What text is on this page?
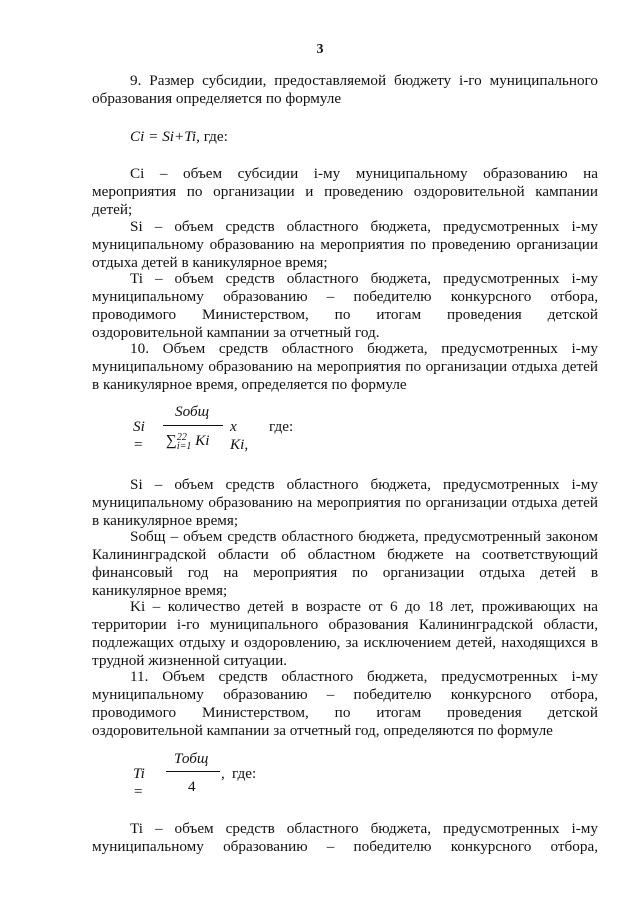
3

9. Размер субсидии, предоставляемой бюджету i-го муниципального

образования определяется по формуле

Ci = Si+Ti, где:

Ci – объем субсидии i-му муниципальному образованию на

мероприятия по организации и проведению оздоровительной кампании

детей;

Si – объем средств областного бюджета, предусмотренных i-му

муниципальному образованию на мероприятия по проведению организации

отдыха детей в каникулярное время;

Ti – объем средств областного бюджета, предусмотренных i-му

муниципальному образованию – победителю конкурсного отбора,

проводимого Министерством, по итогам проведения детской

оздоровительной кампании за отчетный год.

10. Объем средств областного бюджета, предусмотренных i-му

муниципальному образованию на мероприятия по организации отдыха детей

в каникулярное время, определяется по формуле

Si =
Sобщ
∑ 22
i=1 Ki
x Ki,
где:

Si – объем средств областного бюджета, предусмотренных i-му

муниципальному образованию на мероприятия по организации отдыха детей

в каникулярное время;

Sобщ – объем средств областного бюджета, предусмотренный законом

Калининградской области об областном бюджете на соответствующий

финансовый год на мероприятия по организации отдыха детей в

каникулярное время;

Ki – количество детей в возрасте от 6 до 18 лет, проживающих на

территории i-го муниципального образования Калининградской области,

подлежащих отдыху и оздоровлению, за исключением детей, находящихся в

трудной жизненной ситуации.

11. Объем средств областного бюджета, предусмотренных i-му

муниципальному образованию – победителю конкурсного отбора,

проводимого Министерством, по итогам проведения детской

оздоровительной кампании за отчетный год, определяются по формуле

Ti =
Тобщ
4
, где:

Ti – объем средств областного бюджета, предусмотренных i-му

муниципальному образованию – победителю конкурсного отбора,
